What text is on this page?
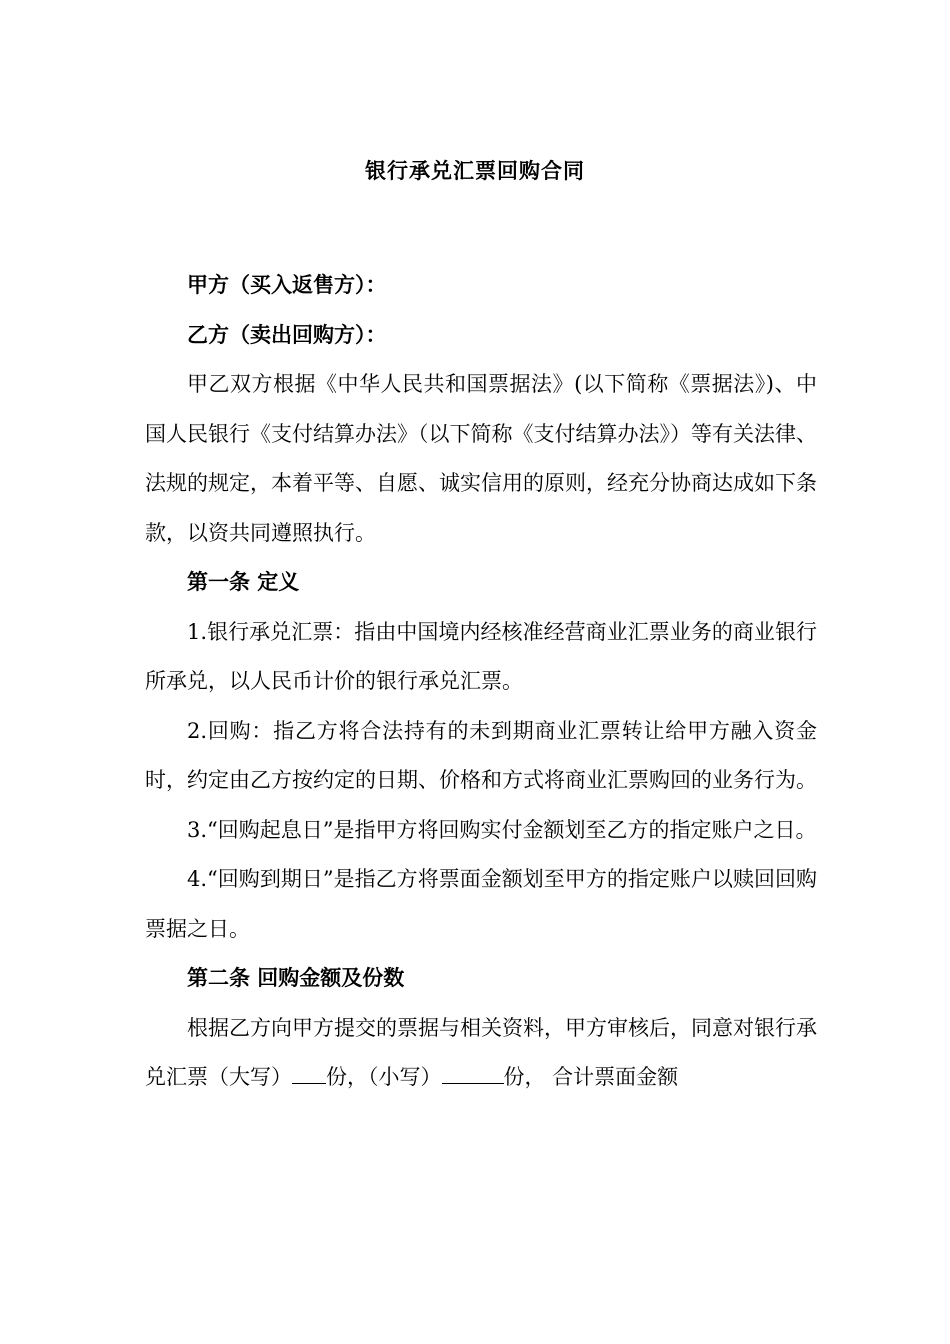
银行承兑汇票回购合同

甲方（买入返售方）：

乙方（卖出回购方）：

甲乙双方根据《中华人民共和国票据法》(以下简称《票据法》)、中国人民银行《支付结算办法》（以下简称《支付结算办法》）等有关法律、法规的规定，本着平等、自愿、诚实信用的原则，经充分协商达成如下条款，以资共同遵照执行。

第一条 定义

1.银行承兑汇票：指由中国境内经核准经营商业汇票业务的商业银行所承兑，以人民币计价的银行承兑汇票。

2.回购：指乙方将合法持有的未到期商业汇票转让给甲方融入资金时，约定由乙方按约定的日期、价格和方式将商业汇票购回的业务行为。

3.“回购起息日”是指甲方将回购实付金额划至乙方的指定账户之日。

4.“回购到期日”是指乙方将票面金额划至甲方的指定账户以赎回回购票据之日。

第二条 回购金额及份数

根据乙方向甲方提交的票据与相关资料，甲方审核后，同意对银行承兑汇票（大写） 份，（小写）	份， 合计票面金额
